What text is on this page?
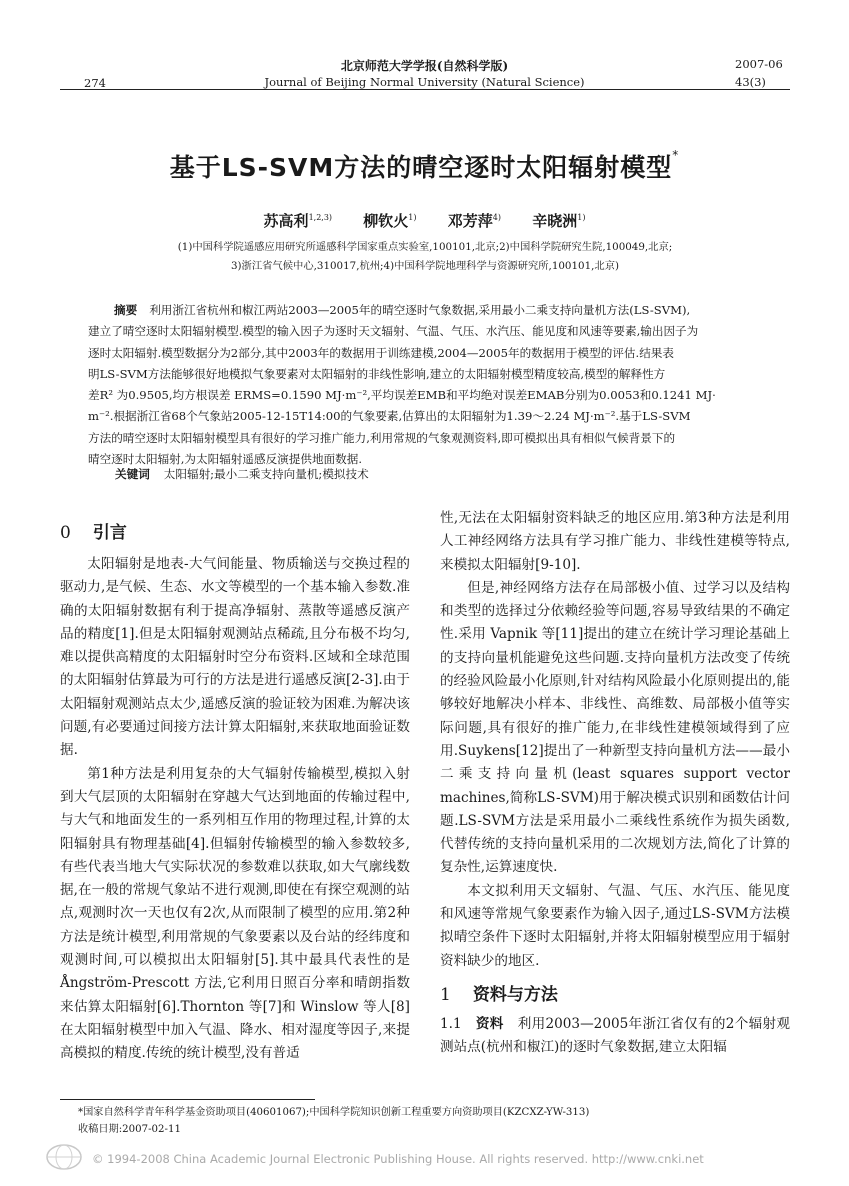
北京师范大学学报(自然科学版)
Journal of Beijing Normal University (Natural Science)
274
2007-06
43(3)
基于LS-SVM方法的晴空逐时太阳辐射模型*
苏高利$^{1,2,3)}$ 柳钦火$^{1)}$ 邓芳萍$^{4)}$ 辛晓洲$^{1)}$
(1)中国科学院遥感应用研究所遥感科学国家重点实验室,100101,北京;2)中国科学院研究生院,100049,北京;
3)浙江省气候中心,310017,杭州;4)中国科学院地理科学与资源研究所,100101,北京)
摘要 利用浙江省杭州和椒江两站2003—2005年的晴空逐时气象数据,采用最小二乘支持向量机方法(LS-SVM),
建立了晴空逐时太阳辐射模型.模型的输入因子为逐时天文辐射、气温、气压、水汽压、能见度和风速等要素,输出因子为
逐时太阳辐射.模型数据分为2部分,其中2003年的数据用于训练建模,2004—2005年的数据用于模型的评估.结果表
明LS-SVM方法能够很好地模拟气象要素对太阳辐射的非线性影响,建立的太阳辐射模型精度较高,模型的解释性方
差R² 为0.9505,均方根误差 ERMS=0.1590 MJ·m⁻²,平均误差EMB和平均绝对误差EMAB分别为0.0053和0.1241 MJ·
m⁻².根据浙江省68个气象站2005-12-15T14:00的气象要素,估算出的太阳辐射为1.39～2.24 MJ·m⁻².基于LS-SVM
方法的晴空逐时太阳辐射模型具有很好的学习推广能力,利用常规的气象观测资料,即可模拟出具有相似气候背景下的
晴空逐时太阳辐射,为太阳辐射遥感反演提供地面数据.
关键词 太阳辐射;最小二乘支持向量机;模拟技术
0 引言

太阳辐射是地表-大气间能量、物质输送与交换过程的驱动力,是气候、生态、水文等模型的一个基本输入参数.准确的太阳辐射数据有利于提高净辐射、蒸散等遥感反演产品的精度[1].但是太阳辐射观测站点稀疏,且分布极不均匀,难以提供高精度的太阳辐射时空分布资料.区域和全球范围的太阳辐射估算最为可行的方法是进行遥感反演[2-3].由于太阳辐射观测站点太少,遥感反演的验证较为困难.为解决该问题,有必要通过间接方法计算太阳辐射,来获取地面验证数据.

第1种方法是利用复杂的大气辐射传输模型,模拟入射到大气层顶的太阳辐射在穿越大气达到地面的传输过程中,与大气和地面发生的一系列相互作用的物理过程,计算的太阳辐射具有物理基础[4].但辐射传输模型的输入参数较多,有些代表当地大气实际状况的参数难以获取,如大气廓线数据,在一般的常规气象站不进行观测,即使在有探空观测的站点,观测时次一天也仅有2次,从而限制了模型的应用.第2种方法是统计模型,利用常规的气象要素以及台站的经纬度和观测时间,可以模拟出太阳辐射[5].其中最具代表性的是 Ångström-Prescott 方法,它利用日照百分率和晴朗指数来估算太阳辐射[6].Thornton 等[7]和 Winslow 等人[8]在太阳辐射模型中加入气温、降水、相对湿度等因子,来提高模拟的精度.传统的统计模型,没有普适

性,无法在太阳辐射资料缺乏的地区应用.第3种方法是利用人工神经网络方法具有学习推广能力、非线性建模等特点,来模拟太阳辐射[9-10].

但是,神经网络方法存在局部极小值、过学习以及结构和类型的选择过分依赖经验等问题,容易导致结果的不确定性.采用 Vapnik 等[11]提出的建立在统计学习理论基础上的支持向量机能避免这些问题.支持向量机方法改变了传统的经验风险最小化原则,针对结构风险最小化原则提出的,能够较好地解决小样本、非线性、高维数、局部极小值等实际问题,具有很好的推广能力,在非线性建模领域得到了应用.Suykens[12]提出了一种新型支持向量机方法——最小二乘支持向量机(least squares support vector machines,简称LS-SVM)用于解决模式识别和函数估计问题.LS-SVM方法是采用最小二乘线性系统作为损失函数,代替传统的支持向量机采用的二次规划方法,简化了计算的复杂性,运算速度快.

本文拟利用天文辐射、气温、气压、水汽压、能见度和风速等常规气象要素作为输入因子,通过LS-SVM方法模拟晴空条件下逐时太阳辐射,并将太阳辐射模型应用于辐射资料缺少的地区.

1 资料与方法
1.1 资料 利用2003—2005年浙江省仅有的2个辐射观测站点(杭州和椒江)的逐时气象数据,建立太阳辐
*国家自然科学青年科学基金资助项目(40601067);中国科学院知识创新工程重要方向资助项目(KZCXZ-YW-313)
收稿日期:2007-02-11
© 1994-2008 China Academic Journal Electronic Publishing House. All rights reserved. http://www.cnki.net
